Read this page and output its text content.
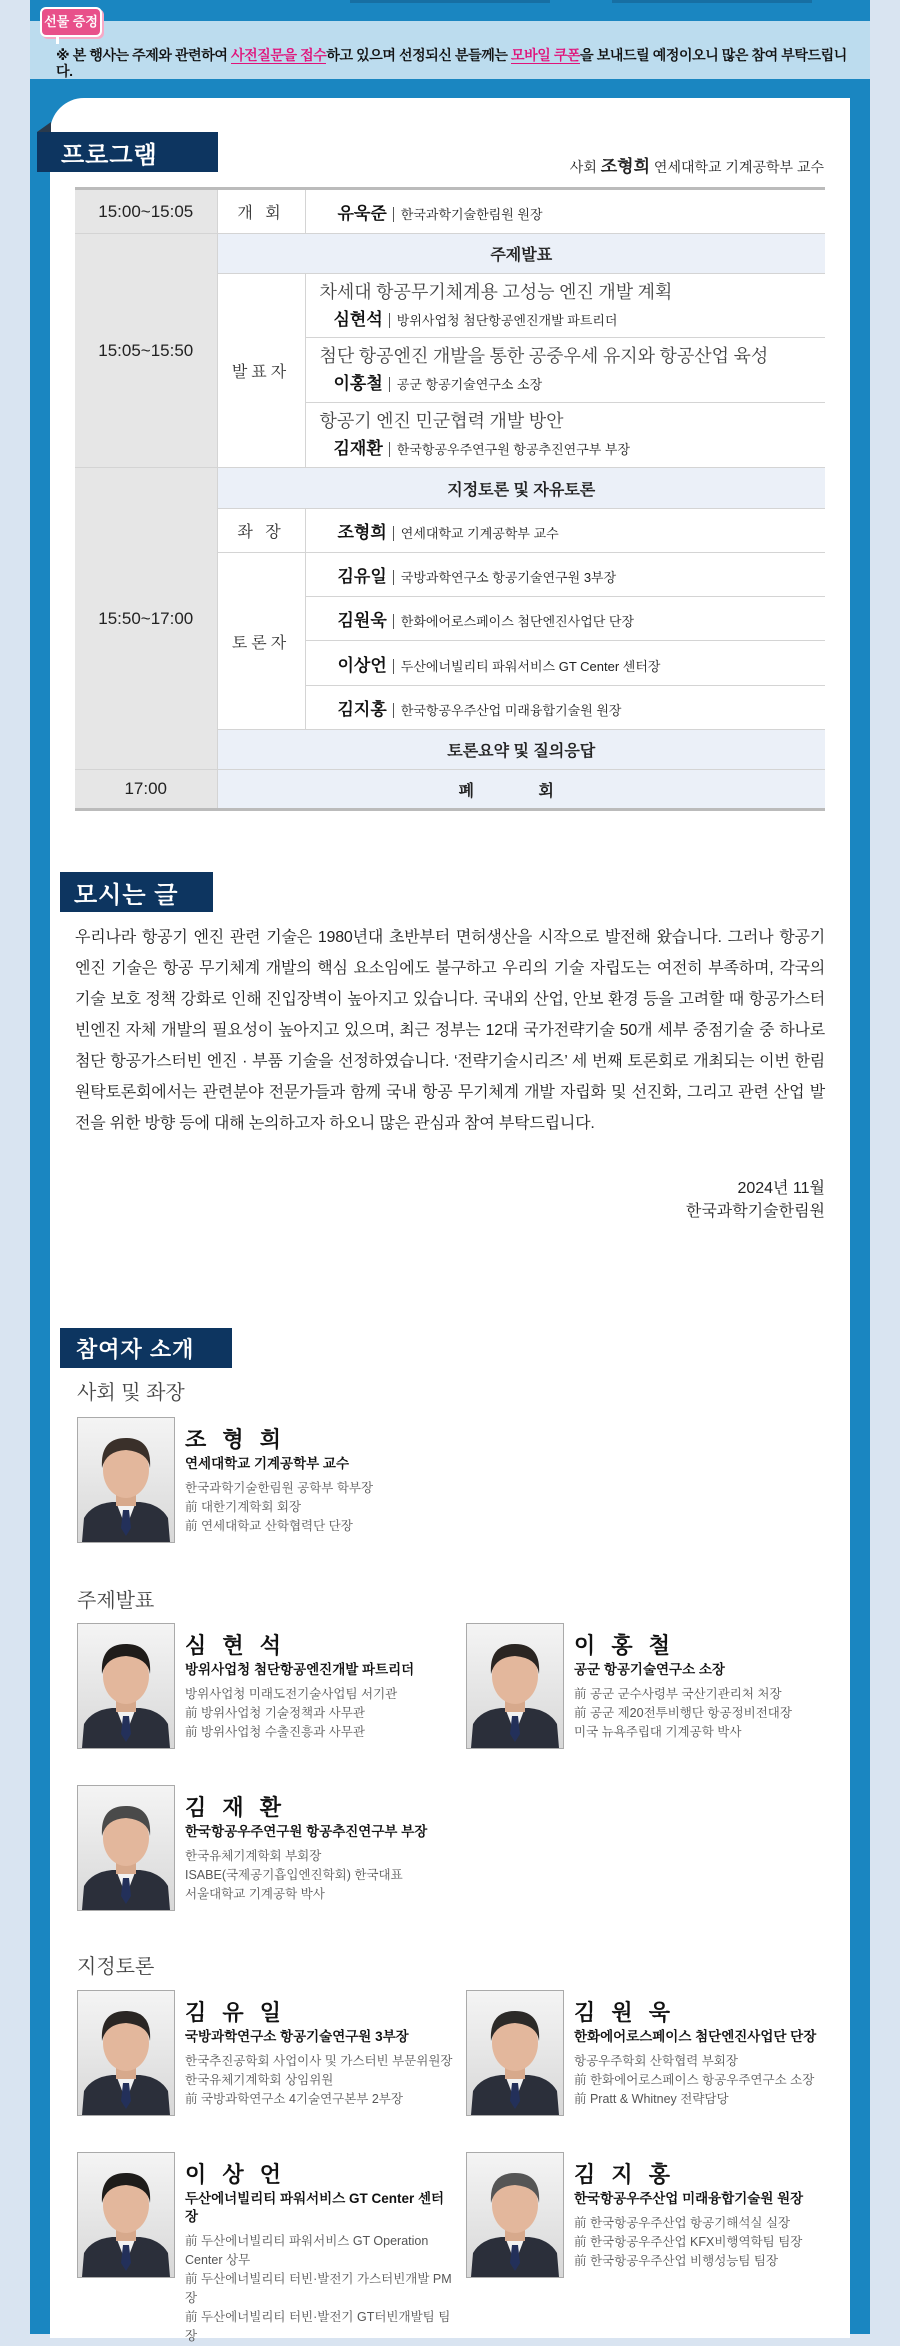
※ 본 행사는 주제와 관련하여 사전질문을 접수하고 있으며 선정되신 분들께는 모바일 쿠폰을 보내드릴 예정이오니 많은 참여 부탁드립니다.
선물 증정
프로그램	사회 조형희 연세대학교 기계공학부 교수
15:00~15:05	개 회	유욱준 한국과학기술한림원 원장
15:05~15:50	주제발표	
	발표자	차세대 항공무기체계용 고성능 엔진 개발 계획
심현석 방위사업청 첨단항공엔진개발 파트리더

		첨단 항공엔진 개발을 통한 공중우세 유지와 항공산업 육성
이홍철 공군 항공기술연구소 소장

		항공기 엔진 민군협력 개발 방안
김재환 한국항공우주연구원 항공추진연구부 부장

15:50~17:00	지정토론 및 자유토론	
	좌 장	조형희 연세대학교 기계공학부 교수
	토론자	김유일 국방과학연구소 항공기술연구원 3부장
		김원욱 한화에어로스페이스 첨단엔진사업단 단장
		이상언 두산에너빌리티 파워서비스 GT Center 센터장
		김지홍 한국항공우주산업 미래융합기술원 원장
	토론요약 및 질의응답	
17:00	폐 회	
모시는 글
우리나라 항공기 엔진 관련 기술은 1980년대 초반부터 면허생산을 시작으로 발전해 왔습니다. 그러나 항공기 엔진 기술은 항공 무기체계 개발의 핵심 요소임에도 불구하고 우리의 기술 자립도는 여전히 부족하며, 각국의 기술 보호 정책 강화로 인해 진입장벽이 높아지고 있습니다. 국내외 산업, 안보 환경 등을 고려할 때 항공가스터빈엔진 자체 개발의 필요성이 높아지고 있으며, 최근 정부는 12대 국가전략기술 50개 세부 중점기술 중 하나로 첨단 항공가스터빈 엔진 · 부품 기술을 선정하였습니다. ‘전략기술시리즈’ 세 번째 토론회로 개최되는 이번 한림원탁토론회에서는 관련분야 전문가들과 함께 국내 항공 무기체계 개발 자립화 및 선진화, 그리고 관련 산업 발전을 위한 방향 등에 대해 논의하고자 하오니 많은 관심과 참여 부탁드립니다.
2024년 11월
한국과학기술한림원
참여자 소개
사회 및 좌장
조 형 희
연세대학교 기계공학부 교수
한국과학기술한림원 공학부 학부장
前 대한기계학회 회장
前 연세대학교 산학협력단 단장
주제발표
심 현 석
방위사업청 첨단항공엔진개발 파트리더
방위사업청 미래도전기술사업팀 서기관
前 방위사업청 기술정책과 사무관
前 방위사업청 수출진흥과 사무관
이 홍 철
공군 항공기술연구소 소장
前 공군 군수사령부 국산기관리처 처장
前 공군 제20전투비행단 항공정비전대장
미국 뉴욕주립대 기계공학 박사
김 재 환
한국항공우주연구원 항공추진연구부 부장
한국유체기계학회 부회장
ISABE(국제공기흡입엔진학회) 한국대표
서울대학교 기계공학 박사
지정토론
김 유 일
국방과학연구소 항공기술연구원 3부장
한국추진공학회 사업이사 및 가스터빈 부문위원장
한국유체기계학회 상임위원
前 국방과학연구소 4기술연구본부 2부장
김 원 욱
한화에어로스페이스 첨단엔진사업단 단장
항공우주학회 산학협력 부회장
前 한화에어로스페이스 항공우주연구소 소장
前 Pratt & Whitney 전략담당
이 상 언
두산에너빌리티 파워서비스 GT Center 센터장
前 두산에너빌리티 파워서비스 GT Operation Center 상무
前 두산에너빌리티 터빈·발전기 가스터빈개발 PM장
前 두산에너빌리티 터빈·발전기 GT터빈개발팀 팀장
김 지 홍
한국항공우주산업 미래융합기술원 원장
前 한국항공우주산업 항공기해석실 실장
前 한국항공우주산업 KFX비행역학팀 팀장
前 한국항공우주산업 비행성능팀 팀장
